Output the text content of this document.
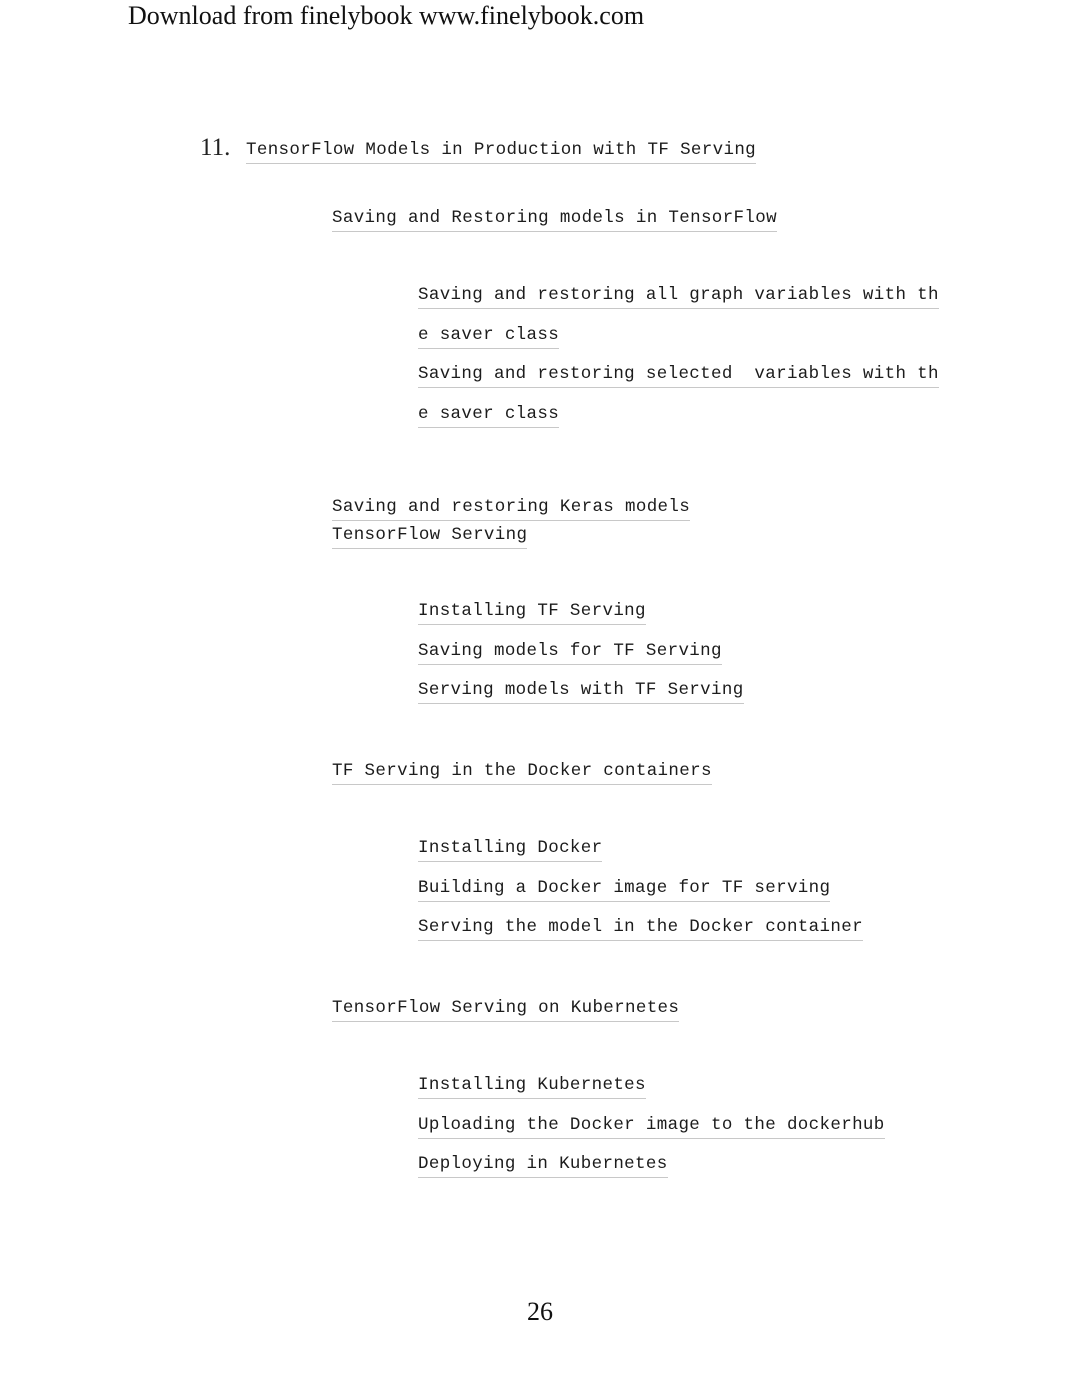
Download from finelybook www.finelybook.com
11. TensorFlow Models in Production with TF Serving
Saving and Restoring models in TensorFlow
Saving and restoring all graph variables with th
e saver class
Saving and restoring selected  variables with th
e saver class
Saving and restoring Keras models
TensorFlow Serving
Installing TF Serving
Saving models for TF Serving
Serving models with TF Serving
TF Serving in the Docker containers
Installing Docker
Building a Docker image for TF serving
Serving the model in the Docker container
TensorFlow Serving on Kubernetes
Installing Kubernetes
Uploading the Docker image to the dockerhub
Deploying in Kubernetes
26
